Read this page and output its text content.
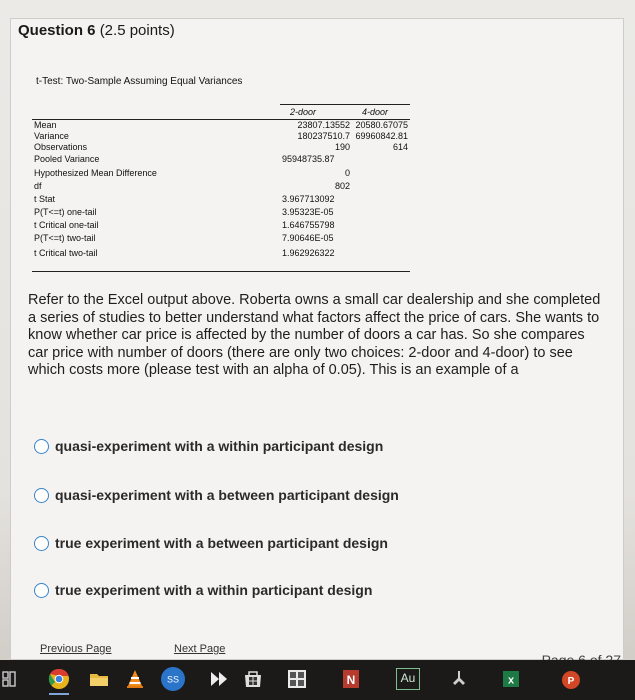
Question 6 (2.5 points)
t-Test: Two-Sample Assuming Equal Variances
2-door	4-door
Mean	23807.13552 20580.67075
Variance	180237510.7 69960842.81
Observations	190	614
Pooled Variance	95948735.87
Hypothesized Mean Difference	0
df	802
t Stat	3.967713092
P(T<=t) one-tail	3.95323E-05
t Critical one-tail	1.646755798
P(T<=t) two-tail	7.90646E-05
t Critical two-tail	1.962926322
Refer to the Excel output above. Roberta owns a small car dealership and she completed a series of studies to better understand what factors affect the price of cars. She wants to know whether car price is affected by the number of doors a car has. So she compares car price with number of doors (there are only two choices: 2-door and 4-door) to see which costs more (please test with an alpha of 0.05). This is an example of a
quasi-experiment with a within participant design
quasi-experiment with a between participant design
true experiment with a between participant design
true experiment with a within participant design
Previous Page	Next Page
SS	N	Au	x	P
